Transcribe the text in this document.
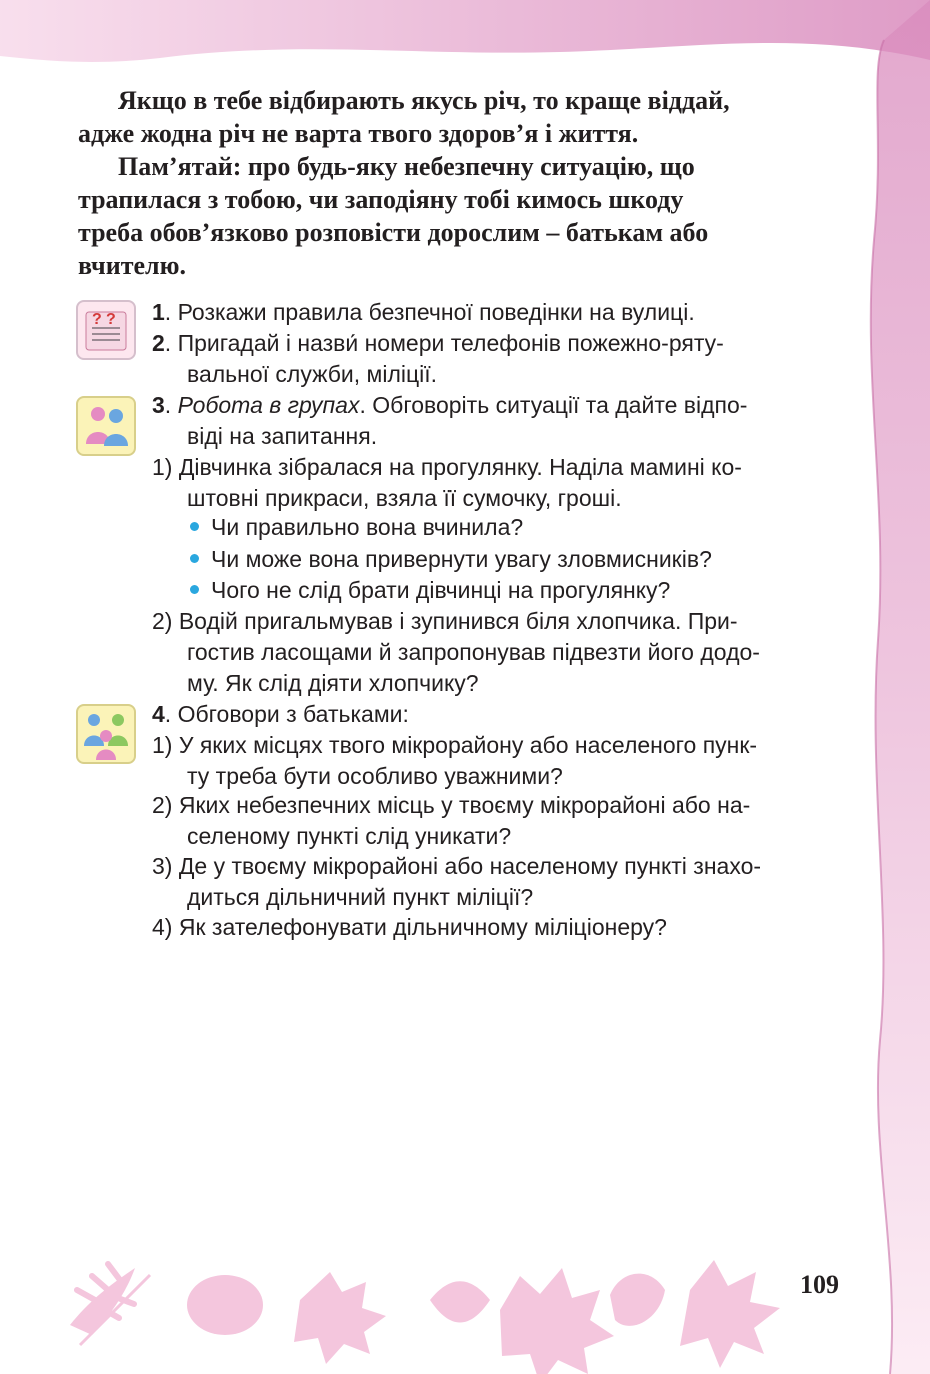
Якщо в тебе відбирають якусь річ, то краще віддай,
адже жодна річ не варта твого здоров’я і життя.

Пам’ятай: про будь-яку небезпечну ситуацію, що
трапилася з тобою, чи заподіяну тобі кимось шкоду
треба обов’язково розповісти дорослим – батькам або
вчителю.

? ? 1. Розкажи правила безпечної поведінки на вулиці.
2. Пригадай і назви́ номери телефонів пожежно-ряту-
вальної служби, міліції.
3. Робота в групах. Обговоріть ситуації та дайте відпо-
віді на запитання.
1) Дівчинка зібралася на прогулянку. Наділа мамині ко-
штовні прикраси, взяла її сумочку, гроші.
Чи правильно вона вчинила?
Чи може вона привернути увагу зловмисників?
Чого не слід брати дівчинці на прогулянку?
2) Водій пригальмував і зупинився біля хлопчика. При-
гостив ласощами й запропонував підвезти його додо-
му. Як слід діяти хлопчику?
4. Обговори з батьками:
1) У яких місцях твого мікрорайону або населеного пунк-
ту треба бути особливо уважними?
2) Яких небезпечних місць у твоєму мікрорайоні або на-
селеному пункті слід уникати?
3) Де у твоєму мікрорайоні або населеному пункті знахо-
диться дільничний пункт міліції?
4) Як зателефонувати дільничному міліціонеру?
109
